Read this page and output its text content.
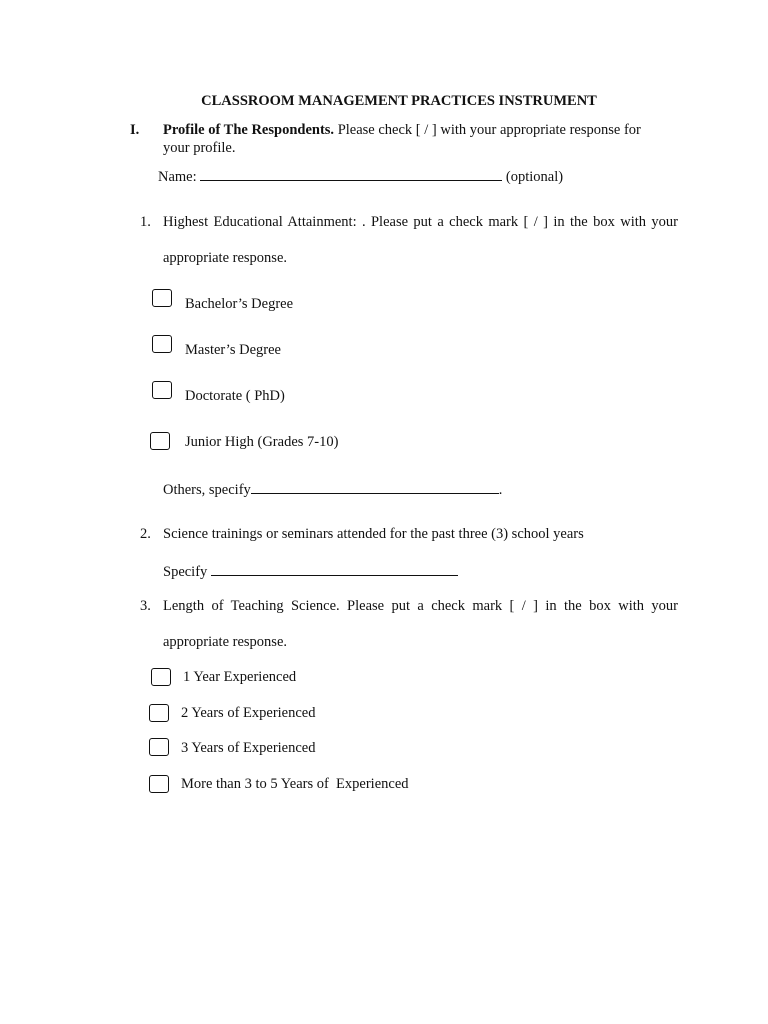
CLASSROOM MANAGEMENT PRACTICES INSTRUMENT
I. Profile of The Respondents. Please check [ / ] with your appropriate response for
your profile.
Name:	(optional)
1. Highest Educational Attainment: . Please put a check mark [ / ] in the box with your
appropriate response.
Bachelor’s Degree
Master’s Degree
Doctorate ( PhD)
Junior High (Grades 7-10)
Others, specify	.
2. Science trainings or seminars attended for the past three (3) school years
Specify
3. Length of Teaching Science. Please put a check mark [ / ] in the box with your
appropriate response.
1 Year Experienced
2 Years of Experienced
3 Years of Experienced
More than 3 to 5 Years of  Experienced
